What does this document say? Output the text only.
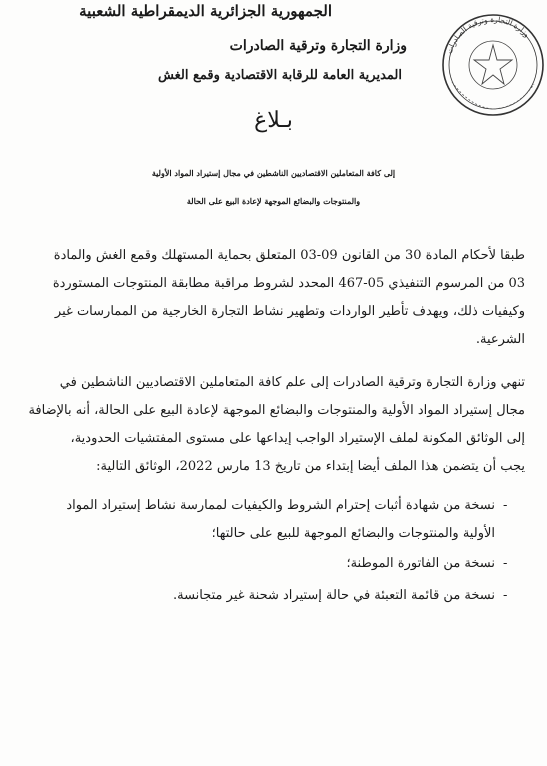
الجمهورية الجزائرية الديمقراطية الشعبية
وزارة التجارة وترقية الصادرات
المديرية العامة للرقابة الاقتصادية وقمع الغش
وزارة التجارة وترقية الصادرات
بـلاغ
إلى كافة المتعاملين الاقتصاديين الناشطين في مجال إستيراد المواد الأولية
والمنتوجات والبضائع الموجهة لإعادة البيع على الحالة
طبقا لأحكام المادة 30 من القانون 09-03 المتعلق بحماية المستهلك وقمع الغش والمادة
03 من المرسوم التنفيذي 05-467 المحدد لشروط مراقبة مطابقة المنتوجات المستوردة
وكيفيات ذلك، ويهدف تأطير الواردات وتطهير نشاط التجارة الخارجية من الممارسات غير
الشرعية.
تنهي وزارة التجارة وترقية الصادرات إلى علم كافة المتعاملين الاقتصاديين الناشطين في
مجال إستيراد المواد الأولية والمنتوجات والبضائع الموجهة لإعادة البيع على الحالة، أنه بالإضافة
إلى الوثائق المكونة لملف الإستيراد الواجب إيداعها على مستوى المفتشيات الحدودية،
يجب أن يتضمن هذا الملف أيضا إبتداء من تاريخ 13 مارس 2022، الوثائق التالية:
-
نسخة من شهادة أثبات إحترام الشروط والكيفيات لممارسة نشاط إستيراد المواد
الأولية والمنتوجات والبضائع الموجهة للبيع على حالتها؛
-
نسخة من الفاتورة الموطنة؛
-
نسخة من قائمة التعبئة في حالة إستيراد شحنة غير متجانسة.
